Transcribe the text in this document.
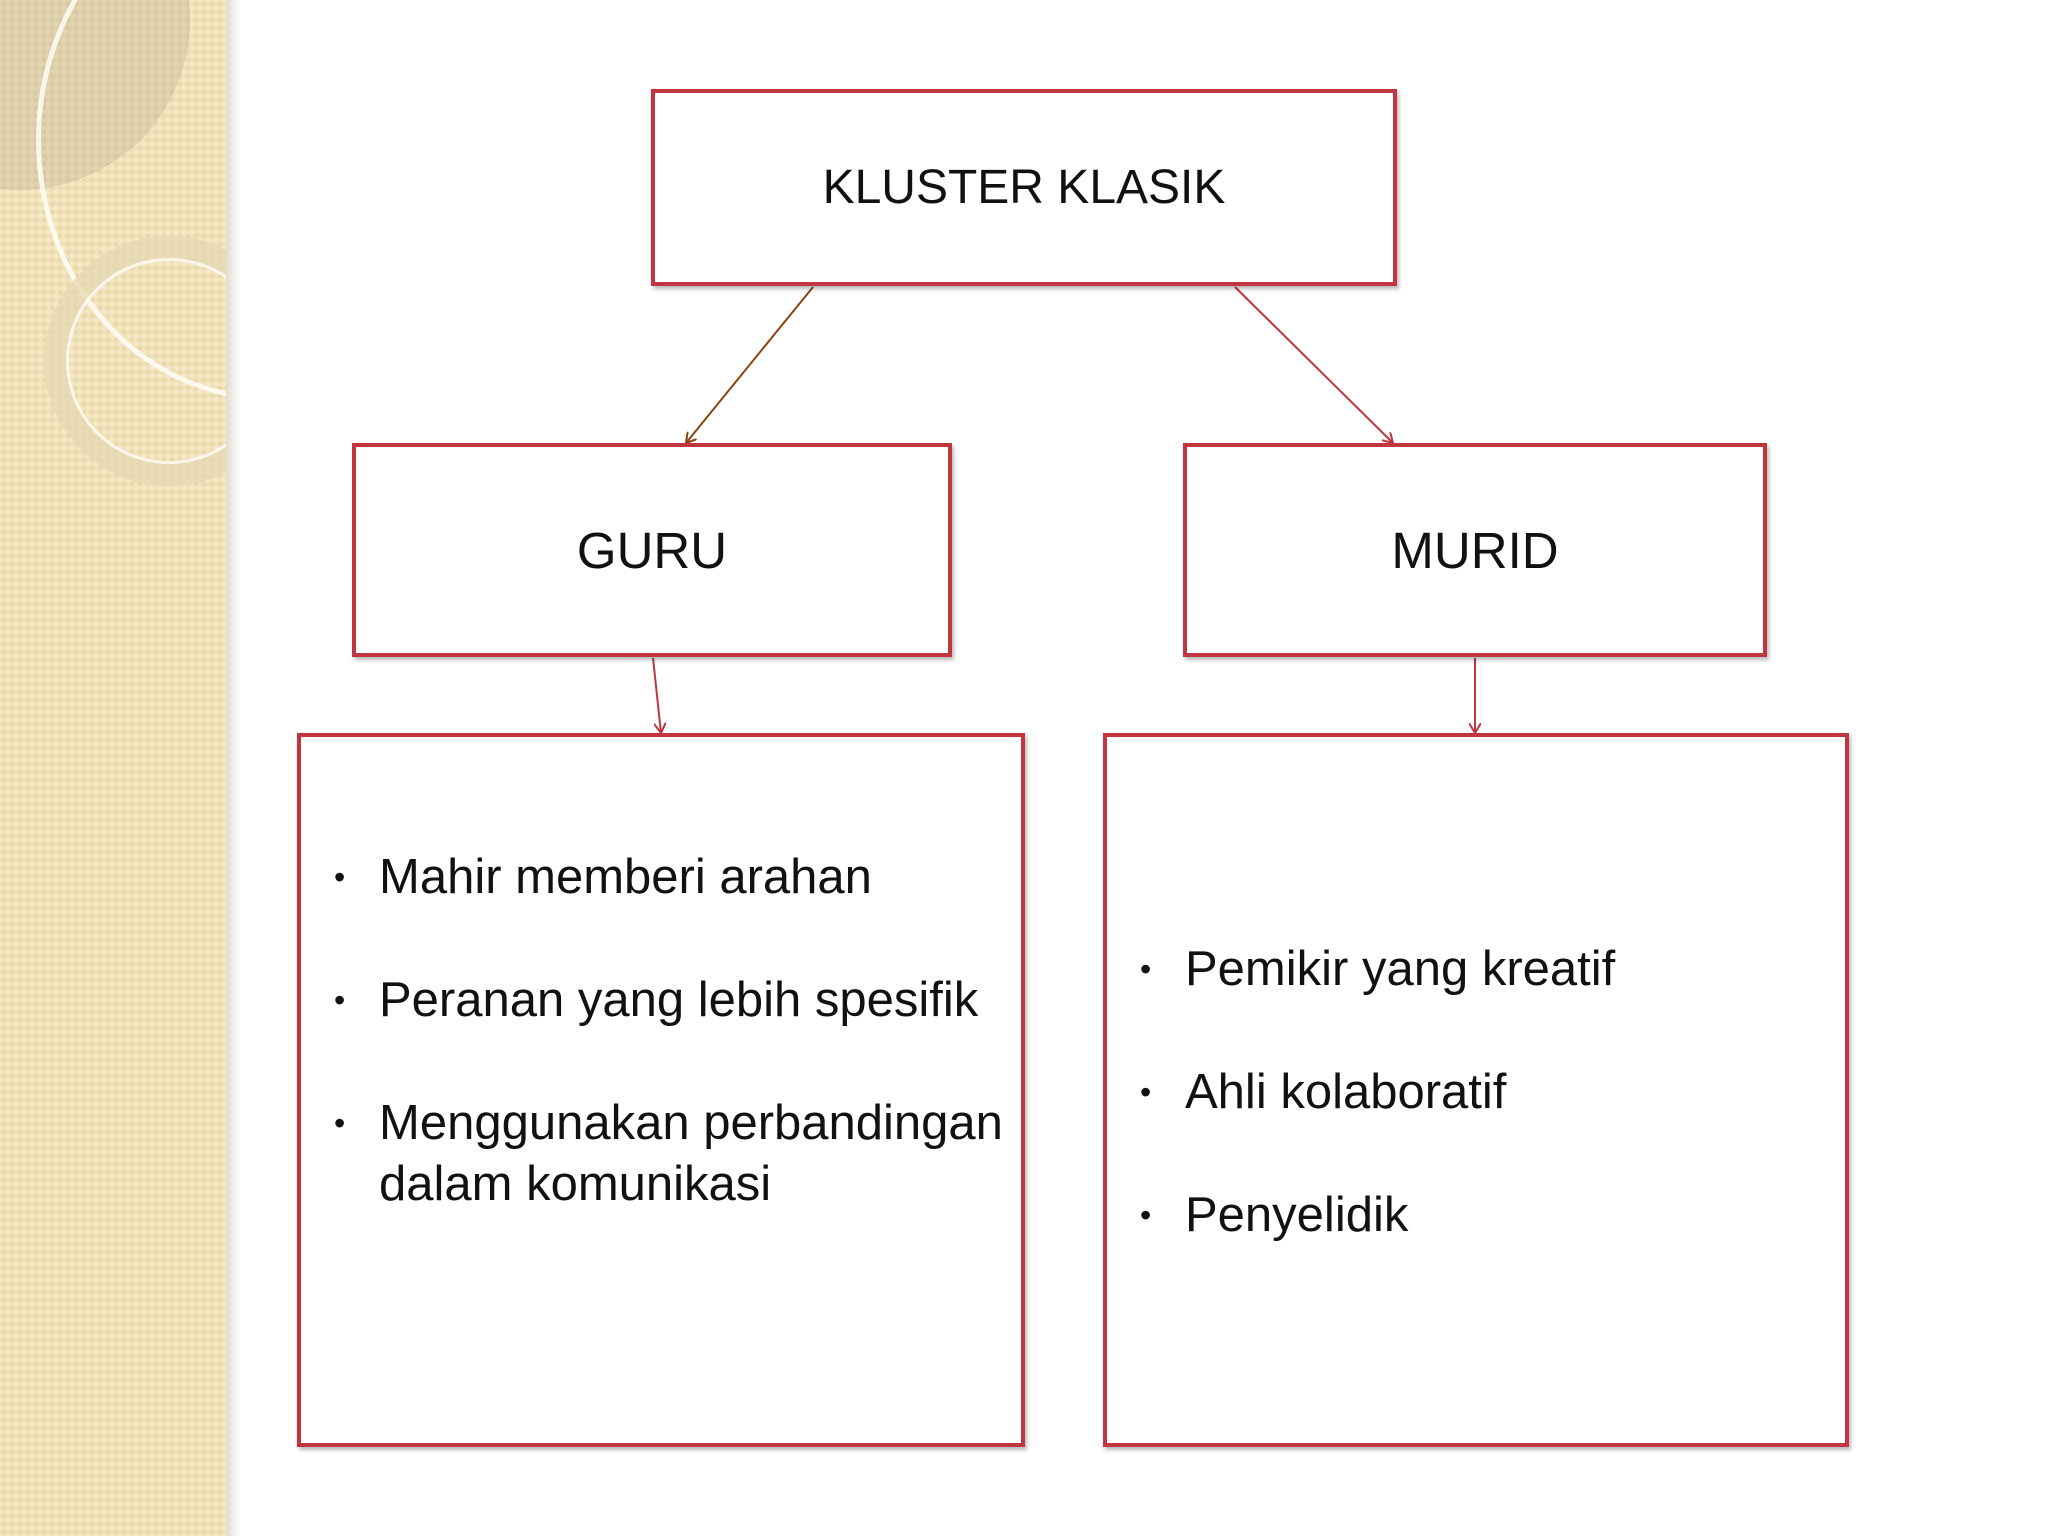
KLUSTER KLASIK
GURU	MURID
• Mahir memberi arahan
• Peranan yang lebih spesifik
• Menggunakan perbandingan dalam komunikasi
• Pemikir yang kreatif
• Ahli kolaboratif
• Penyelidik
